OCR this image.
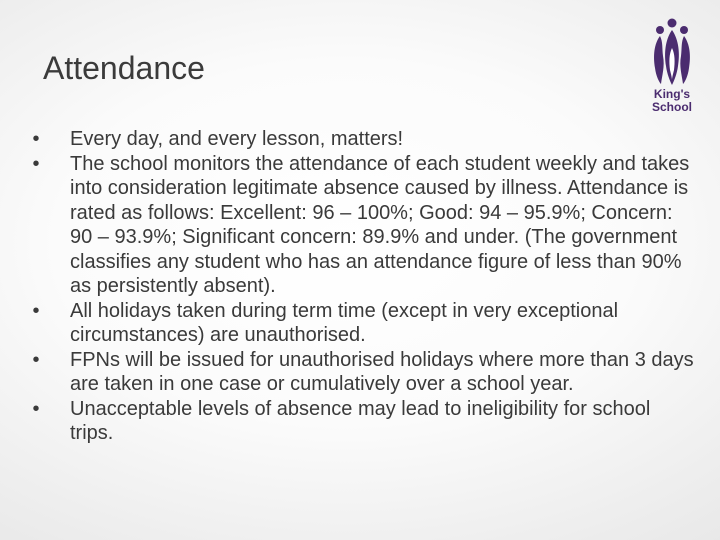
Attendance
King's
School
•	Every day, and every lesson, matters!
•	The school monitors the attendance of each student weekly and takes into consideration legitimate absence caused by illness. Attendance is rated as follows: Excellent: 96 – 100%; Good: 94 – 95.9%; Concern: 90 – 93.9%; Significant concern: 89.9% and under. (The government classifies any student who has an attendance figure of less than 90% as persistently absent).
•	All holidays taken during term time (except in very exceptional circumstances) are unauthorised.
•	FPNs will be issued for unauthorised holidays where more than 3 days are taken in one case or cumulatively over a school year.
•	Unacceptable levels of absence may lead to ineligibility for school trips.
